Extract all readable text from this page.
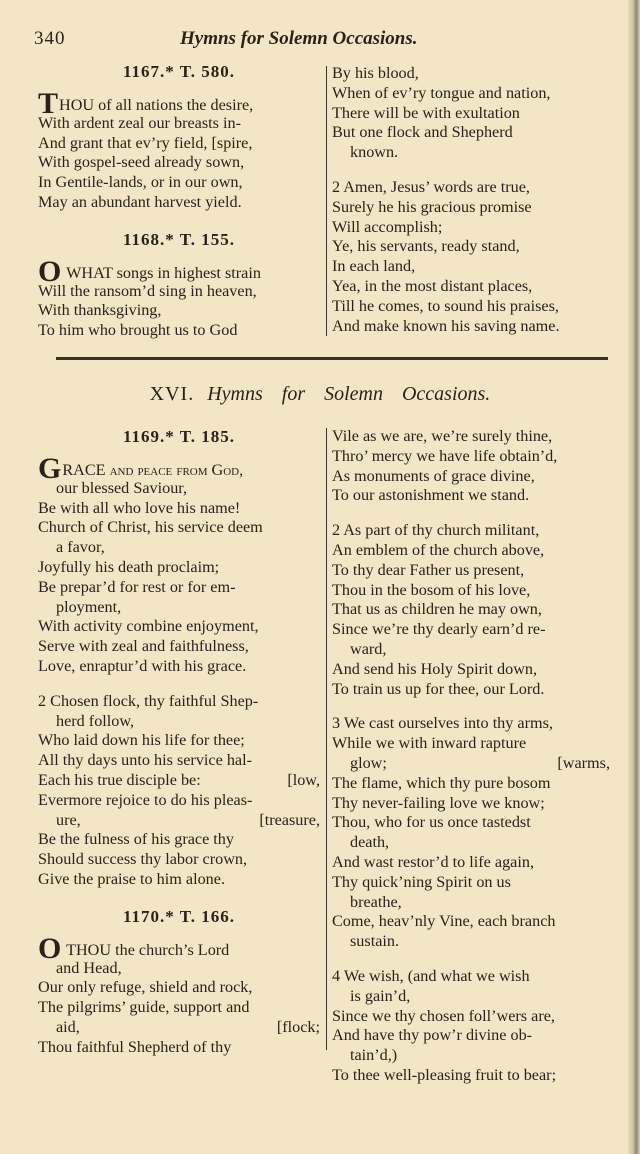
340	Hymns for Solemn Occasions.
1167.* T. 580.
THOU of all nations the desire,
With ardent zeal our breasts in-
And grant that ev’ry field, [spire,
With gospel-seed already sown,
In Gentile-lands, or in our own,
May an abundant harvest yield.
1168.* T. 155.
O WHAT songs in highest strain
Will the ransom’d sing in heaven,
With thanksgiving,
To him who brought us to God
By his blood,
When of ev’ry tongue and nation,
There will be with exultation
But one flock and Shepherd
known.
2 Amen, Jesus’ words are true,
Surely he his gracious promise
Will accomplish;
Ye, his servants, ready stand,
In each land,
Yea, in the most distant places,
Till he comes, to sound his praises,
And make known his saving name.
XVI. Hymns for Solemn Occasions.
1169.* T. 185.
GRACE and peace from God,
our blessed Saviour,
Be with all who love his name!
Church of Christ, his service deem
a favor,
Joyfully his death proclaim;
Be prepar’d for rest or for em-
ployment,
With activity combine enjoyment,
Serve with zeal and faithfulness,
Love, enraptur’d with his grace.
2 Chosen flock, thy faithful Shep-
herd follow,
Who laid down his life for thee;
All thy days unto his service hal-
Each his true disciple be:	[low,
Evermore rejoice to do his pleas-
ure,	[treasure,
Be the fulness of his grace thy
Should success thy labor crown,
Give the praise to him alone.
1170.* T. 166.
O THOU the church’s Lord
and Head,
Our only refuge, shield and rock,
The pilgrims’ guide, support and
aid,	[flock;
Thou faithful Shepherd of thy
Vile as we are, we’re surely thine,
Thro’ mercy we have life obtain’d,
As monuments of grace divine,
To our astonishment we stand.
2 As part of thy church militant,
An emblem of the church above,
To thy dear Father us present,
Thou in the bosom of his love,
That us as children he may own,
Since we’re thy dearly earn’d re-
ward,
And send his Holy Spirit down,
To train us up for thee, our Lord.
3 We cast ourselves into thy arms,
While we with inward rapture
glow;	[warms,
The flame, which thy pure bosom
Thy never-failing love we know;
Thou, who for us once tastedst
death,
And wast restor’d to life again,
Thy quick’ning Spirit on us
breathe,
Come, heav’nly Vine, each branch
sustain.
4 We wish, (and what we wish
is gain’d,
Since we thy chosen foll’wers are,
And have thy pow’r divine ob-
tain’d,)
To thee well-pleasing fruit to bear;
